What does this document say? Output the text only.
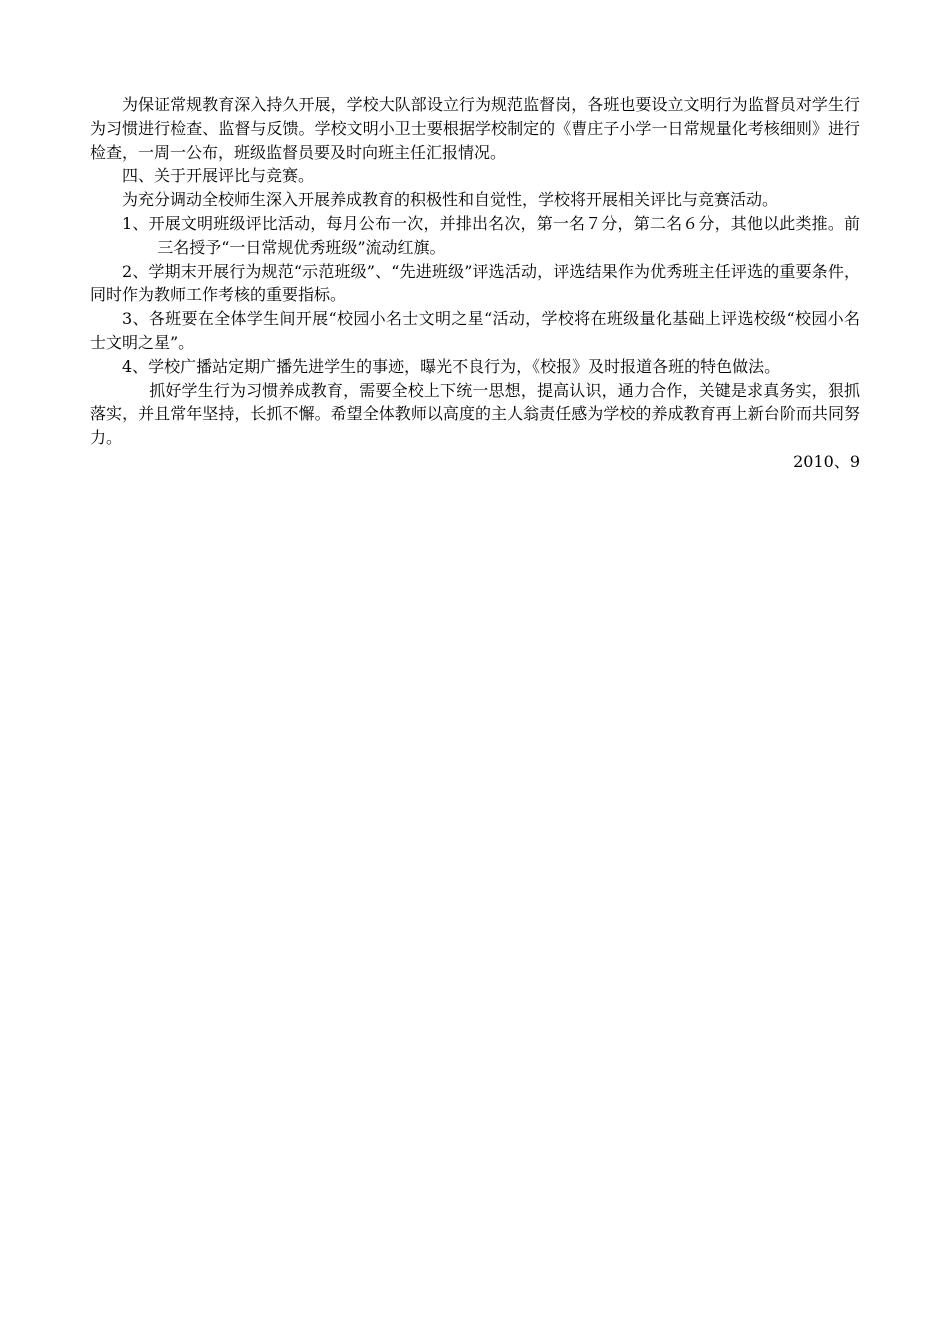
为保证常规教育深入持久开展，学校大队部设立行为规范监督岗，各班也要设立文明行为监督员对学生行为习惯进行检查、监督与反馈。学校文明小卫士要根据学校制定的《曹庄子小学一日常规量化考核细则》进行检查，一周一公布，班级监督员要及时向班主任汇报情况。

四、关于开展评比与竞赛。

为充分调动全校师生深入开展养成教育的积极性和自觉性，学校将开展相关评比与竞赛活动。

1、开展文明班级评比活动，每月公布一次，并排出名次，第一名７分，第二名６分，其他以此类推。前三名授予“一日常规优秀班级”流动红旗。

2、学期末开展行为规范“示范班级”、“先进班级”评选活动，评选结果作为优秀班主任评选的重要条件，同时作为教师工作考核的重要指标。

3、各班要在全体学生间开展“校园小名士文明之星“活动，学校将在班级量化基础上评选校级“校园小名士文明之星”。

4、学校广播站定期广播先进学生的事迹，曝光不良行为，《校报》及时报道各班的特色做法。

抓好学生行为习惯养成教育，需要全校上下统一思想，提高认识，通力合作，关键是求真务实，狠抓落实，并且常年坚持，长抓不懈。希望全体教师以高度的主人翁责任感为学校的养成教育再上新台阶而共同努力。

2010、9
